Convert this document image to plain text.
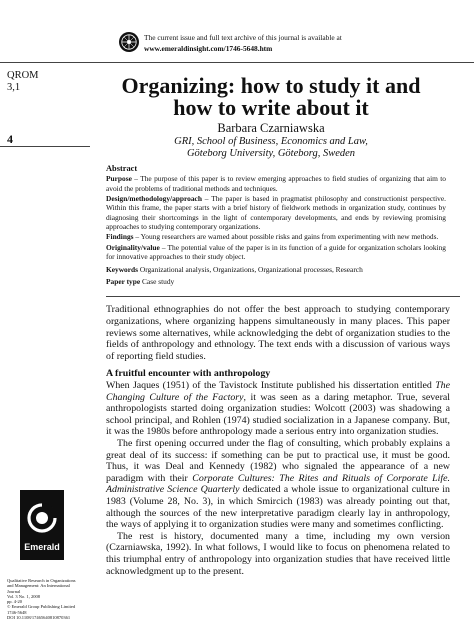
The current issue and full text archive of this journal is available at
www.emeraldinsight.com/1746-5648.htm
QROM
3,1
4
Organizing: how to study it and how to write about it
Barbara Czarniawska
GRI, School of Business, Economics and Law,
Göteborg University, Göteborg, Sweden
Abstract

Purpose – The purpose of this paper is to review emerging approaches to field studies of organizing that aim to avoid the problems of traditional methods and techniques.

Design/methodology/approach – The paper is based in pragmatist philosophy and constructionist perspective. Within this frame, the paper starts with a brief history of fieldwork methods in organization study, continues by diagnosing their shortcomings in the light of contemporary developments, and ends by reviewing promising approaches to studying contemporary organizations.

Findings – Young researchers are warned about possible risks and gains from experimenting with new methods.

Originality/value – The potential value of the paper is in its function of a guide for organization scholars looking for innovative approaches to their study object.

Keywords Organizational analysis, Organizations, Organizational processes, Research

Paper type Case study

Traditional ethnographies do not offer the best approach to studying contemporary organizations, where organizing happens simultaneously in many places. This paper reviews some alternatives, while acknowledging the debt of organization studies to the fields of anthropology and ethnology. The text ends with a discussion of various ways of reporting field studies.

A fruitful encounter with anthropology

When Jaques (1951) of the Tavistock Institute published his dissertation entitled The Changing Culture of the Factory, it was seen as a daring metaphor. True, several anthropologists started doing organization studies: Wolcott (2003) was shadowing a school principal, and Rohlen (1974) studied socialization in a Japanese company. But, it was the 1980s before anthropology made a serious entry into organization studies.

The first opening occurred under the flag of consulting, which probably explains a great deal of its success: if something can be put to practical use, it must be good. Thus, it was Deal and Kennedy (1982) who signaled the appearance of a new paradigm with their Corporate Cultures: The Rites and Rituals of Corporate Life. Administrative Science Quarterly dedicated a whole issue to organizational culture in 1983 (Volume 28, No. 3), in which Smircich (1983) was already pointing out that, although the sources of the new interpretative paradigm clearly lay in anthropology, the ways of applying it to organization studies were many and sometimes conflicting.

The rest is history, documented many a time, including my own version (Czarniawska, 1992). In what follows, I would like to focus on phenomena related to this triumphal entry of anthropology into organization studies that have received little acknowledgment up to the present.

Emerald
Qualitative Research in Organizations
and Management: An International
Journal
Vol. 3 No. 1, 2008
pp. 4-20
© Emerald Group Publishing Limited
1746-5648
DOI 10.1108/17465640810870361
